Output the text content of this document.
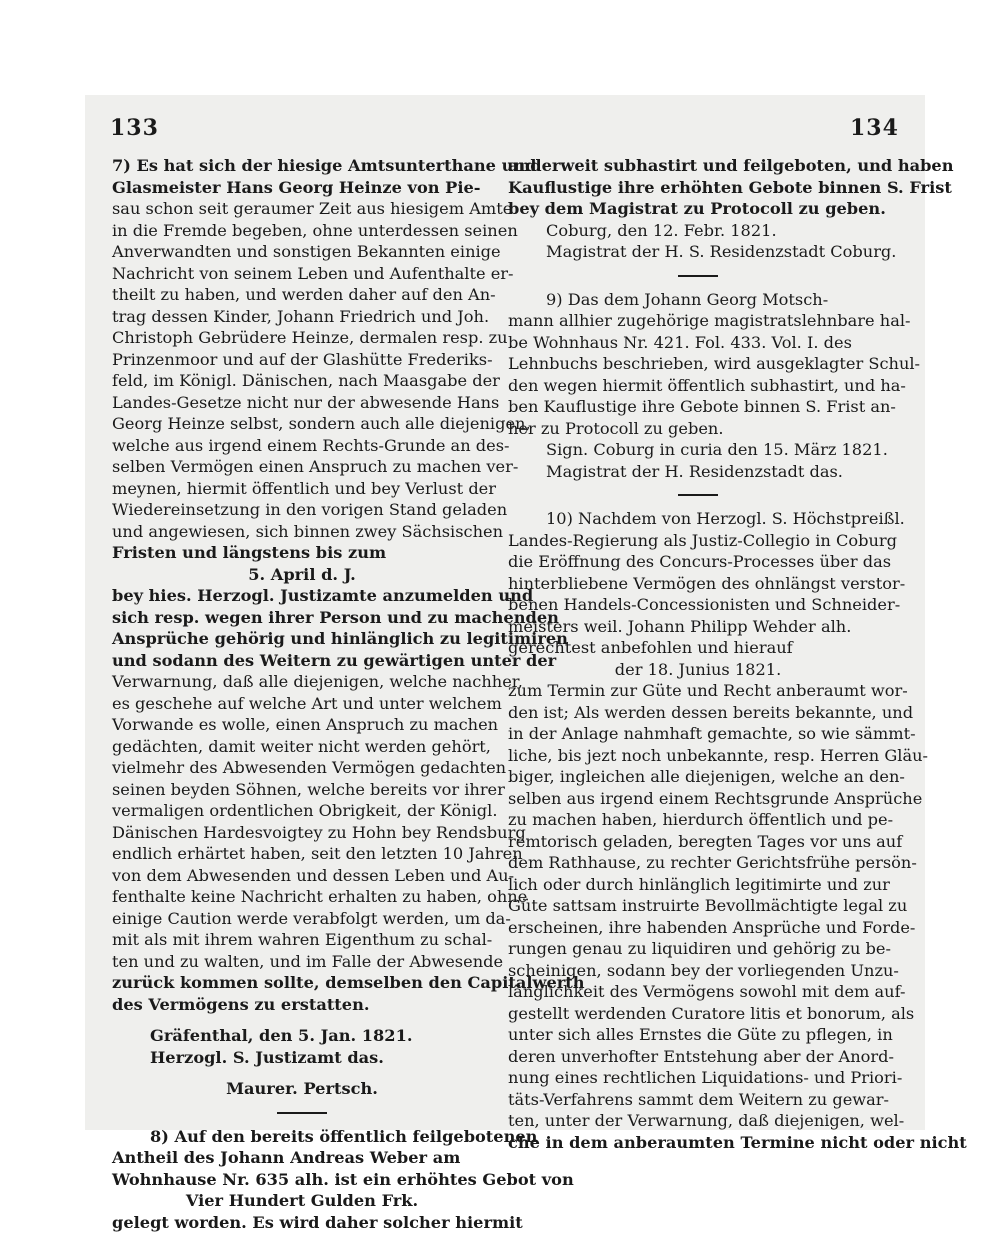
133	134
7) Es hat sich der hiesige Amtsunterthane und
Glasmeister Hans Georg Heinze von Pie-
sau schon seit geraumer Zeit aus hiesigem Amte
in die Fremde begeben, ohne unterdessen seinen
Anverwandten und sonstigen Bekannten einige
Nachricht von seinem Leben und Aufenthalte er-
theilt zu haben, und werden daher auf den An-
trag dessen Kinder, Johann Friedrich und Joh.
Christoph Gebrüdere Heinze, dermalen resp. zu
Prinzenmoor und auf der Glashütte Frederiks-
feld, im Königl. Dänischen, nach Maasgabe der
Landes-Gesetze nicht nur der abwesende Hans
Georg Heinze selbst, sondern auch alle diejenigen,
welche aus irgend einem Rechts-Grunde an des-
selben Vermögen einen Anspruch zu machen ver-
meynen, hiermit öffentlich und bey Verlust der
Wiedereinsetzung in den vorigen Stand geladen
und angewiesen, sich binnen zwey Sächsischen
Fristen und längstens bis zum
5. April d. J.
bey hies. Herzogl. Justizamte anzumelden und
sich resp. wegen ihrer Person und zu machenden
Ansprüche gehörig und hinlänglich zu legitimiren
und sodann des Weitern zu gewärtigen unter der
Verwarnung, daß alle diejenigen, welche nachher,
es geschehe auf welche Art und unter welchem
Vorwande es wolle, einen Anspruch zu machen
gedächten, damit weiter nicht werden gehört,
vielmehr des Abwesenden Vermögen gedachten
seinen beyden Söhnen, welche bereits vor ihrer
vermaligen ordentlichen Obrigkeit, der Königl.
Dänischen Hardesvoigtey zu Hohn bey Rendsburg
endlich erhärtet haben, seit den letzten 10 Jahren
von dem Abwesenden und dessen Leben und Au-
fenthalte keine Nachricht erhalten zu haben, ohne
einige Caution werde verabfolgt werden, um da-
mit als mit ihrem wahren Eigenthum zu schal-
ten und zu walten, und im Falle der Abwesende
zurück kommen sollte, demselben den Capitalwerth
des Vermögens zu erstatten.
Gräfenthal, den 5. Jan. 1821.
Herzogl. S. Justizamt das.
Maurer. Pertsch.
8) Auf den bereits öffentlich feilgebotenen
Antheil des Johann Andreas Weber am
Wohnhause Nr. 635 alh. ist ein erhöhtes Gebot von
Vier Hundert Gulden Frk.
gelegt worden. Es wird daher solcher hiermit
anderweit subhastirt und feilgeboten, und haben
Kauflustige ihre erhöhten Gebote binnen S. Frist
bey dem Magistrat zu Protocoll zu geben.
Coburg, den 12. Febr. 1821.
Magistrat der H. S. Residenzstadt Coburg.
9) Das dem Johann Georg Motsch-
mann allhier zugehörige magistratslehnbare hal-
be Wohnhaus Nr. 421. Fol. 433. Vol. I. des
Lehnbuchs beschrieben, wird ausgeklagter Schul-
den wegen hiermit öffentlich subhastirt, und ha-
ben Kauflustige ihre Gebote binnen S. Frist an-
her zu Protocoll zu geben.
Sign. Coburg in curia den 15. März 1821.
Magistrat der H. Residenzstadt das.
10) Nachdem von Herzogl. S. Höchstpreißl.
Landes-Regierung als Justiz-Collegio in Coburg
die Eröffnung des Concurs-Processes über das
hinterbliebene Vermögen des ohnlängst verstor-
benen Handels-Concessionisten und Schneider-
meisters weil. Johann Philipp Wehder alh.
gerechtest anbefohlen und hierauf
der 18. Junius 1821.
zum Termin zur Güte und Recht anberaumt wor-
den ist; Als werden dessen bereits bekannte, und
in der Anlage nahmhaft gemachte, so wie sämmt-
liche, bis jezt noch unbekannte, resp. Herren Gläu-
biger, ingleichen alle diejenigen, welche an den-
selben aus irgend einem Rechtsgrunde Ansprüche
zu machen haben, hierdurch öffentlich und pe-
remtorisch geladen, beregten Tages vor uns auf
dem Rathhause, zu rechter Gerichtsfrühe persön-
lich oder durch hinlänglich legitimirte und zur
Güte sattsam instruirte Bevollmächtigte legal zu
erscheinen, ihre habenden Ansprüche und Forde-
rungen genau zu liquidiren und gehörig zu be-
scheinigen, sodann bey der vorliegenden Unzu-
länglichkeit des Vermögens sowohl mit dem auf-
gestellt werdenden Curatore litis et bonorum, als
unter sich alles Ernstes die Güte zu pflegen, in
deren unverhofter Entstehung aber der Anord-
nung eines rechtlichen Liquidations- und Priori-
täts-Verfahrens sammt dem Weitern zu gewar-
ten, unter der Verwarnung, daß diejenigen, wel-
che in dem anberaumten Termine nicht oder nicht
